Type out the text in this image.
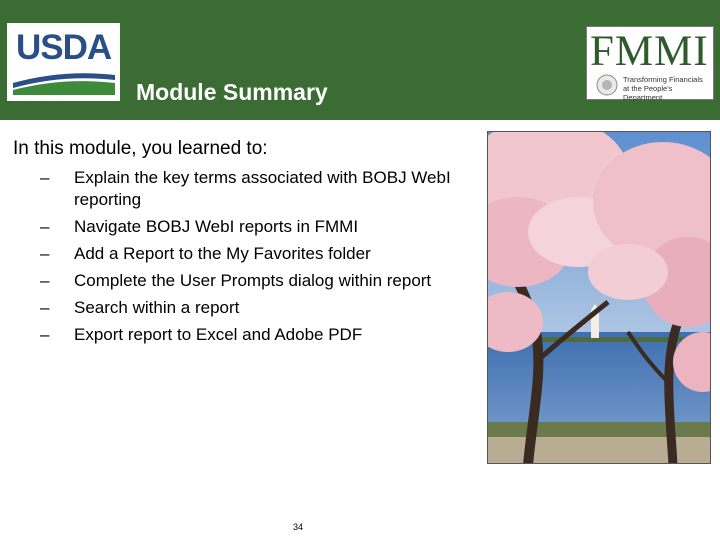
USDA
Module Summary
FMMI
Transforming Financials
at the People's Department
In this module, you learned to:
– Explain the key terms associated with BOBJ WebI reporting
– Navigate BOBJ WebI reports in FMMI
– Add a Report to the My Favorites folder
– Complete the User Prompts dialog within report
– Search within a report
– Export report to Excel and Adobe PDF
34
